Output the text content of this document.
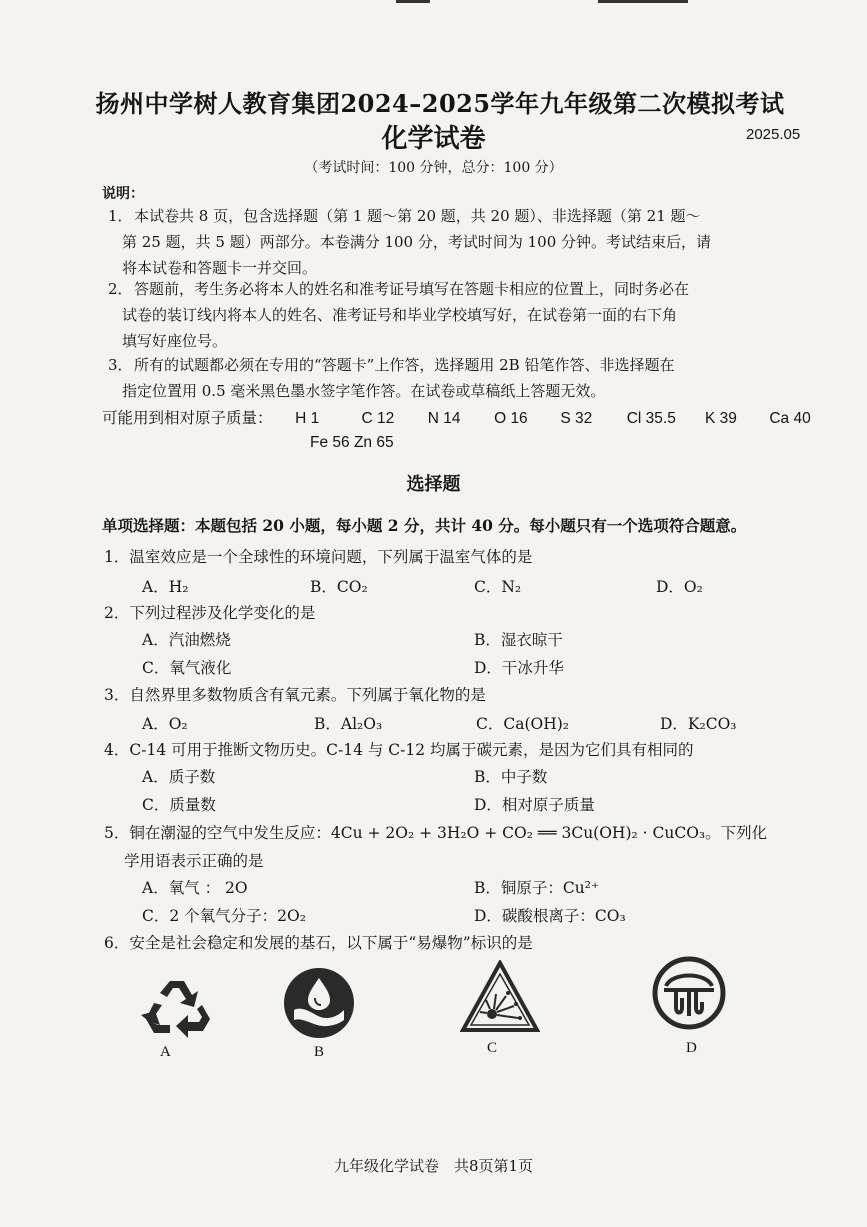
扬州中学树人教育集团2024–2025学年九年级第二次模拟考试
化学试卷	2025.05
（考试时间：100 分钟，总分：100 分）
说明：
1． 本试卷共 8 页，包含选择题（第 1 题～第 20 题，共 20 题）、非选择题（第 21 题～
第 25 题，共 5 题）两部分。本卷满分 100 分，考试时间为 100 分钟。考试结束后，请
将本试卷和答题卡一并交回。
2． 答题前，考生务必将本人的姓名和准考证号填写在答题卡相应的位置上，同时务必在
试卷的装订线内将本人的姓名、准考证号和毕业学校填写好，在试卷第一面的右下角
填写好座位号。
3． 所有的试题都必须在专用的“答题卡”上作答，选择题用 2B 铅笔作答、非选择题在
指定位置用 0.5 毫米黑色墨水签字笔作答。在试卷或草稿纸上答题无效。
可能用到相对原子质量： H 1	C 12 N 14 O 16 S 32 Cl 35.5 K 39 Ca 40
Fe 56 Zn 65
选择题
单项选择题：本题包括 20 小题，每小题 2 分，共计 40 分。每小题只有一个选项符合题意。
1．温室效应是一个全球性的环境问题，下列属于温室气体的是
A．H₂	B．CO₂	C．N₂	D．O₂
2．下列过程涉及化学变化的是
A．汽油燃烧	B．湿衣晾干
C．氧气液化	D．干冰升华
3．自然界里多数物质含有氧元素。下列属于氧化物的是
A．O₂	B．Al₂O₃	C．Ca(OH)₂	D．K₂CO₃
4．C-14 可用于推断文物历史。C-14 与 C-12 均属于碳元素，是因为它们具有相同的
A．质子数	B．中子数
C．质量数	D．相对原子质量
5．铜在潮湿的空气中发生反应：4Cu + 2O₂ + 3H₂O + CO₂ ══ 3Cu(OH)₂ · CuCO₃。下列化
学用语表示正确的是
A．氧气 ： 2O	B．铜原子：Cu²⁺
C．2 个氧气分子：2O₂	D．碳酸根离子：CO₃
6．安全是社会稳定和发展的基石，以下属于“易爆物”标识的是
A	B	C	D
九年级化学试卷　共8页第1页
